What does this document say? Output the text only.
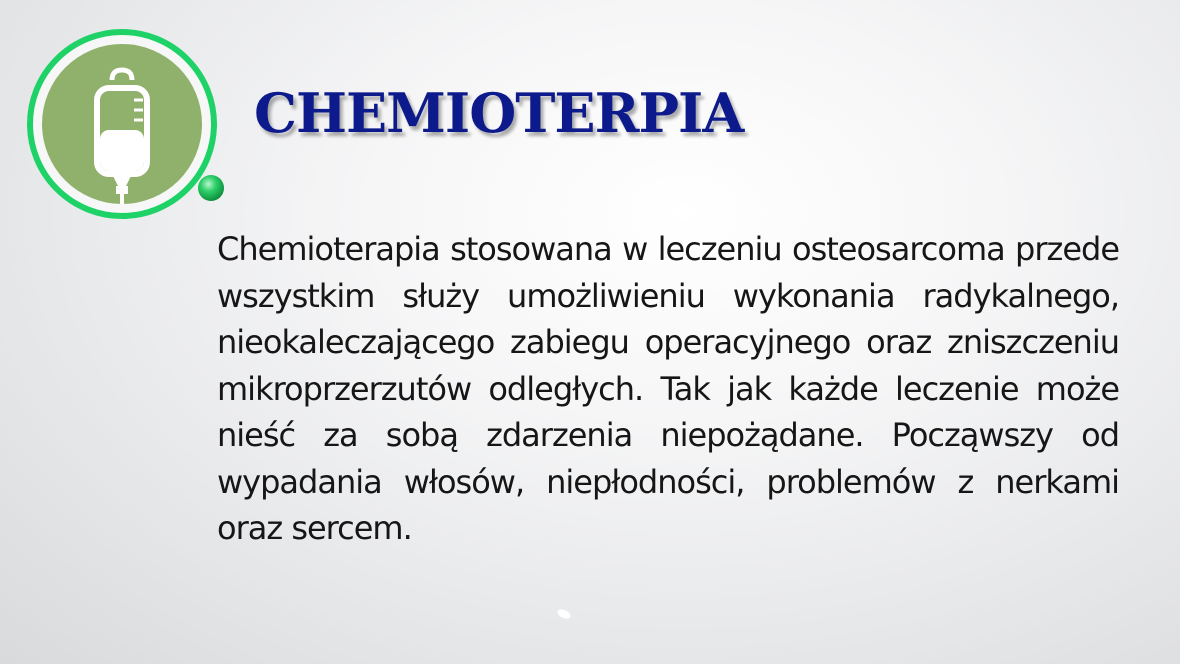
CHEMIOTERPIA

Chemioterapia stosowana w leczeniu osteosarcoma przede wszystkim służy umożliwieniu wykonania radykalnego, nieokaleczającego zabiegu operacyjnego oraz zniszczeniu mikroprzerzutów odległych. Tak jak każde leczenie może nieść za sobą zdarzenia niepożądane. Począwszy od wypadania włosów, niepłodności, problemów z nerkami oraz sercem.
